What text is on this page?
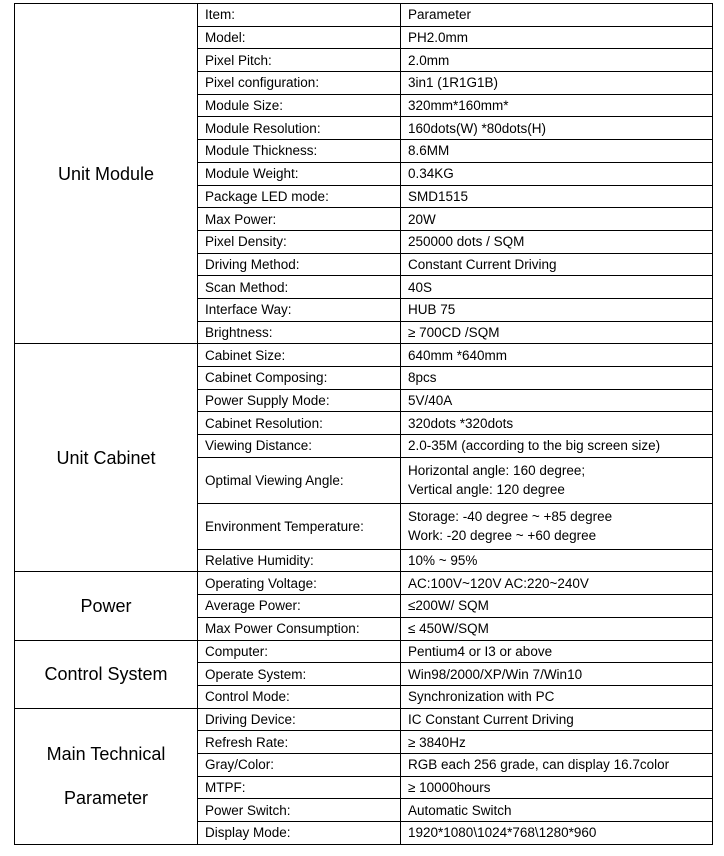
Unit Module	Item:	Parameter

	Model:	PH2.0mm

	Pixel Pitch:	2.0mm

	Pixel configuration:	3in1 (1R1G1B)

	Module Size:	320mm*160mm*

	Module Resolution:	160dots(W) *80dots(H)

	Module Thickness:	8.6MM

	Module Weight:	0.34KG

	Package LED mode:	SMD1515

	Max Power:	20W

	Pixel Density:	250000 dots / SQM

	Driving Method:	Constant Current Driving

	Scan Method:	40S

	Interface Way:	HUB 75

	Brightness:	≥ 700CD /SQM

Unit Cabinet	Cabinet Size:	640mm *640mm

	Cabinet Composing:	8pcs

	Power Supply Mode:	5V/40A

	Cabinet Resolution:	320dots *320dots

	Viewing Distance:	2.0-35M (according to the big screen size)

	Optimal Viewing Angle:	Horizontal angle: 160 degree;
Vertical angle: 120 degree

	Environment Temperature:	Storage: -40 degree ~ +85 degree
Work: -20 degree ~ +60 degree

	Relative Humidity:	10% ~ 95%

Power	Operating Voltage:	AC:100V~120V AC:220~240V

	Average Power:	≤200W/ SQM

	Max Power Consumption:	≤ 450W/SQM

Control System	Computer:	Pentium4 or I3 or above

	Operate System:	Win98/2000/XP/Win 7/Win10

	Control Mode:	Synchronization with PC

Main Technical
Parameter	Driving Device:	IC Constant Current Driving

	Refresh Rate:	≥ 3840Hz

	Gray/Color:	RGB each 256 grade, can display 16.7color

	MTPF:	≥ 10000hours

	Power Switch:	Automatic Switch

	Display Mode:	1920*1080\1024*768\1280*960
